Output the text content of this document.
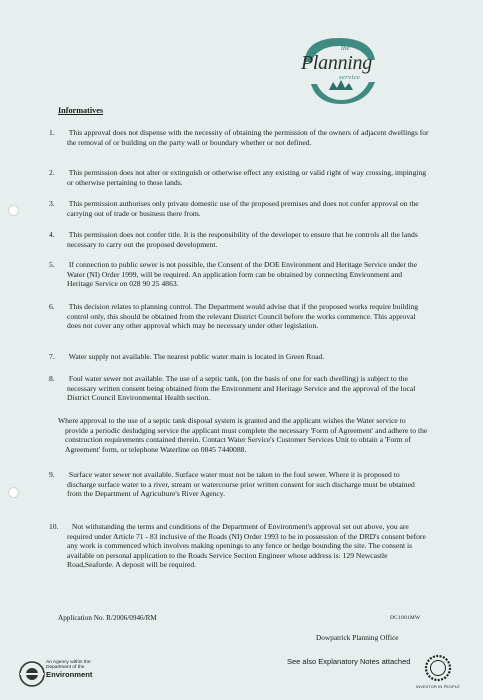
the
Planning
service
Informatives
1. This approval does not dispense with the necessity of obtaining the permission of the owners of adjacent dwellings for the removal of or building on the party wall or boundary whether or not defined.
2. This permission does not alter or extinguish or otherwise effect any existing or valid right of way crossing, impinging or otherwise pertaining to these lands.
3. This permission authorises only private domestic use of the proposed premises and does not confer approval on the carrying out of trade or business there from.
4. This permission does not confer title. It is the responsibility of the developer to ensure that he controls all the lands necessary to carry out the proposed development.
5. If connection to public sewer is not possible, the Consent of the DOE Environment and Heritage Service under the Water (NI) Order 1999, will be required. An application form can be obtained by connecting Environment and Heritage Service on 028 90 25 4863.
6. This decision relates to planning control. The Department would advise that if the proposed works require building control only, this should be obtained from the relevant District Council before the works commence. This approval does not cover any other approval which may be necessary under other legislation.
7. Water supply not available. The nearest public water main is located in Green Road.
8. Foul water sewer not available. The use of a septic tank, (on the basis of one for each dwelling) is subject to the necessary written consent being obtained from the Environment and Heritage Service and the approval of the local District Council Environmental Health section.
Where approval to the use of a septic tank disposal system is granted and the applicant wishes the Water service to provide a periodic desludging service the applicant must complete the necessary 'Form of Agreement' and adhere to the construction requirements contained therein. Contact Water Service's Customer Services Unit to obtain a 'Form of Agreement' form, or telephone Waterline on 0845 7440088.
9. Surface water sewer not available. Surface water must not be taken to the foul sewer. Where it is proposed to discharge surface water to a river, stream or watercourse prior written consent for such discharge must be obtained from the Department of Agriculture's River Agency.
10. Not withstanding the terms and conditions of the Department of Environment's approval set out above, you are required under Article 71 - 83 inclusive of the Roads (NI) Order 1993 to be in possession of the DRD's consent before any work is commenced which involves making openings to any fence or hedge bounding the site. The consent is available on personal application to the Roads Service Section Engineer whose address is: 129 Newcastle Road,Seaforde. A deposit will be required.
Application No. R/2006/0946/RM	DC1001MW
Dowpatrick Planning Office
See also Explanatory Notes attached
An Agency within the
Department of the
Environment
INVESTOR IN PEOPLE
